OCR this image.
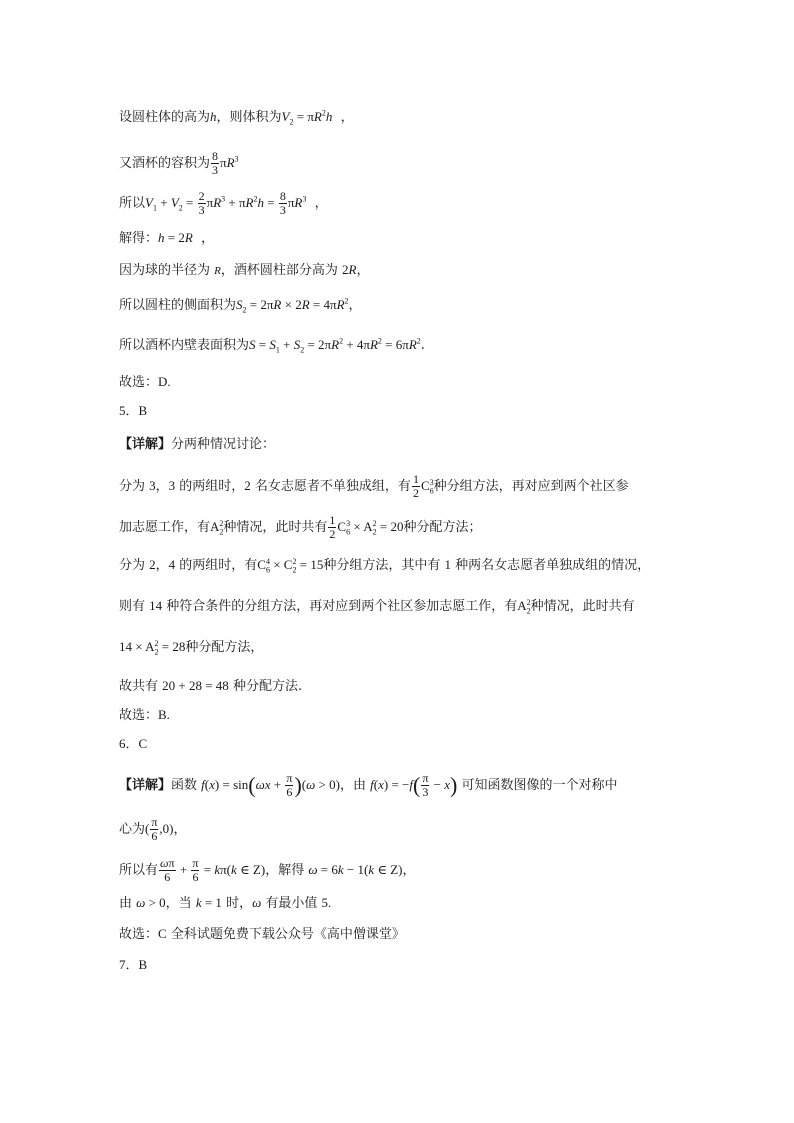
设圆柱体的高为h，则体积为$V_2 = \pi R^2h$  ，
又酒杯的容积为 $\frac{8}{3} \pi R^3$
所以$V_1 + V_2 = \frac{2}{3} \pi R^3 + \pi R^2h = \frac{8}{3} \pi R^3$  ，
解得：h = 2R  ，
因为球的半径为 R，酒杯圆柱部分高为 2R，
所以圆柱的侧面积为$S_2 = 2\pi R \times 2R = 4\pi R^2$，
所以酒杯内壁表面积为$S = S_1 + S_2 = 2\pi R^2 + 4\pi R^2 = 6\pi R^2$.
故选：D.
5．B
【详解】分两种情况讨论：
分为 3，3 的两组时，2 名女志愿者不单独成组，有 $\frac{1}{2} C_6^3$种分组方法，再对应到两个社区参
加志愿工作，有$A_2^2$种情况，此时共有 $\frac{1}{2} C_6^3 \times A_2^2 = 20$种分配方法；
分为 2，4 的两组时，有$C_6^4 \times C_2^2 = 15$种分组方法，其中有 1 种两名女志愿者单独成组的情况，
则有 14 种符合条件的分组方法，再对应到两个社区参加志愿工作，有$A_2^2$种情况，此时共有
$14 \times A_2^2 = 28$种分配方法，
故共有 20 + 28 = 48 种分配方法.
故选：B.
6．C
【详解】函数 $f(x) = \sin(\omega x + \frac{\pi}{6} )(\omega > 0)$，由 $f(x) = -f( \frac{\pi}{3} - x)$ 可知函数图像的一个对称中
心为( $\frac{\pi}{6} ,0$)，
所以有 $\frac{\omega\pi}{6} + \frac{\pi}{6} = k\pi(k$ ∈ Z)，解得 ω = 6k − 1(k ∈ Z)，
由 ω > 0，当 k = 1 时，ω 有最小值 5.
故选：C 全科试题免费下载公众号《高中僧课堂》
7．B
